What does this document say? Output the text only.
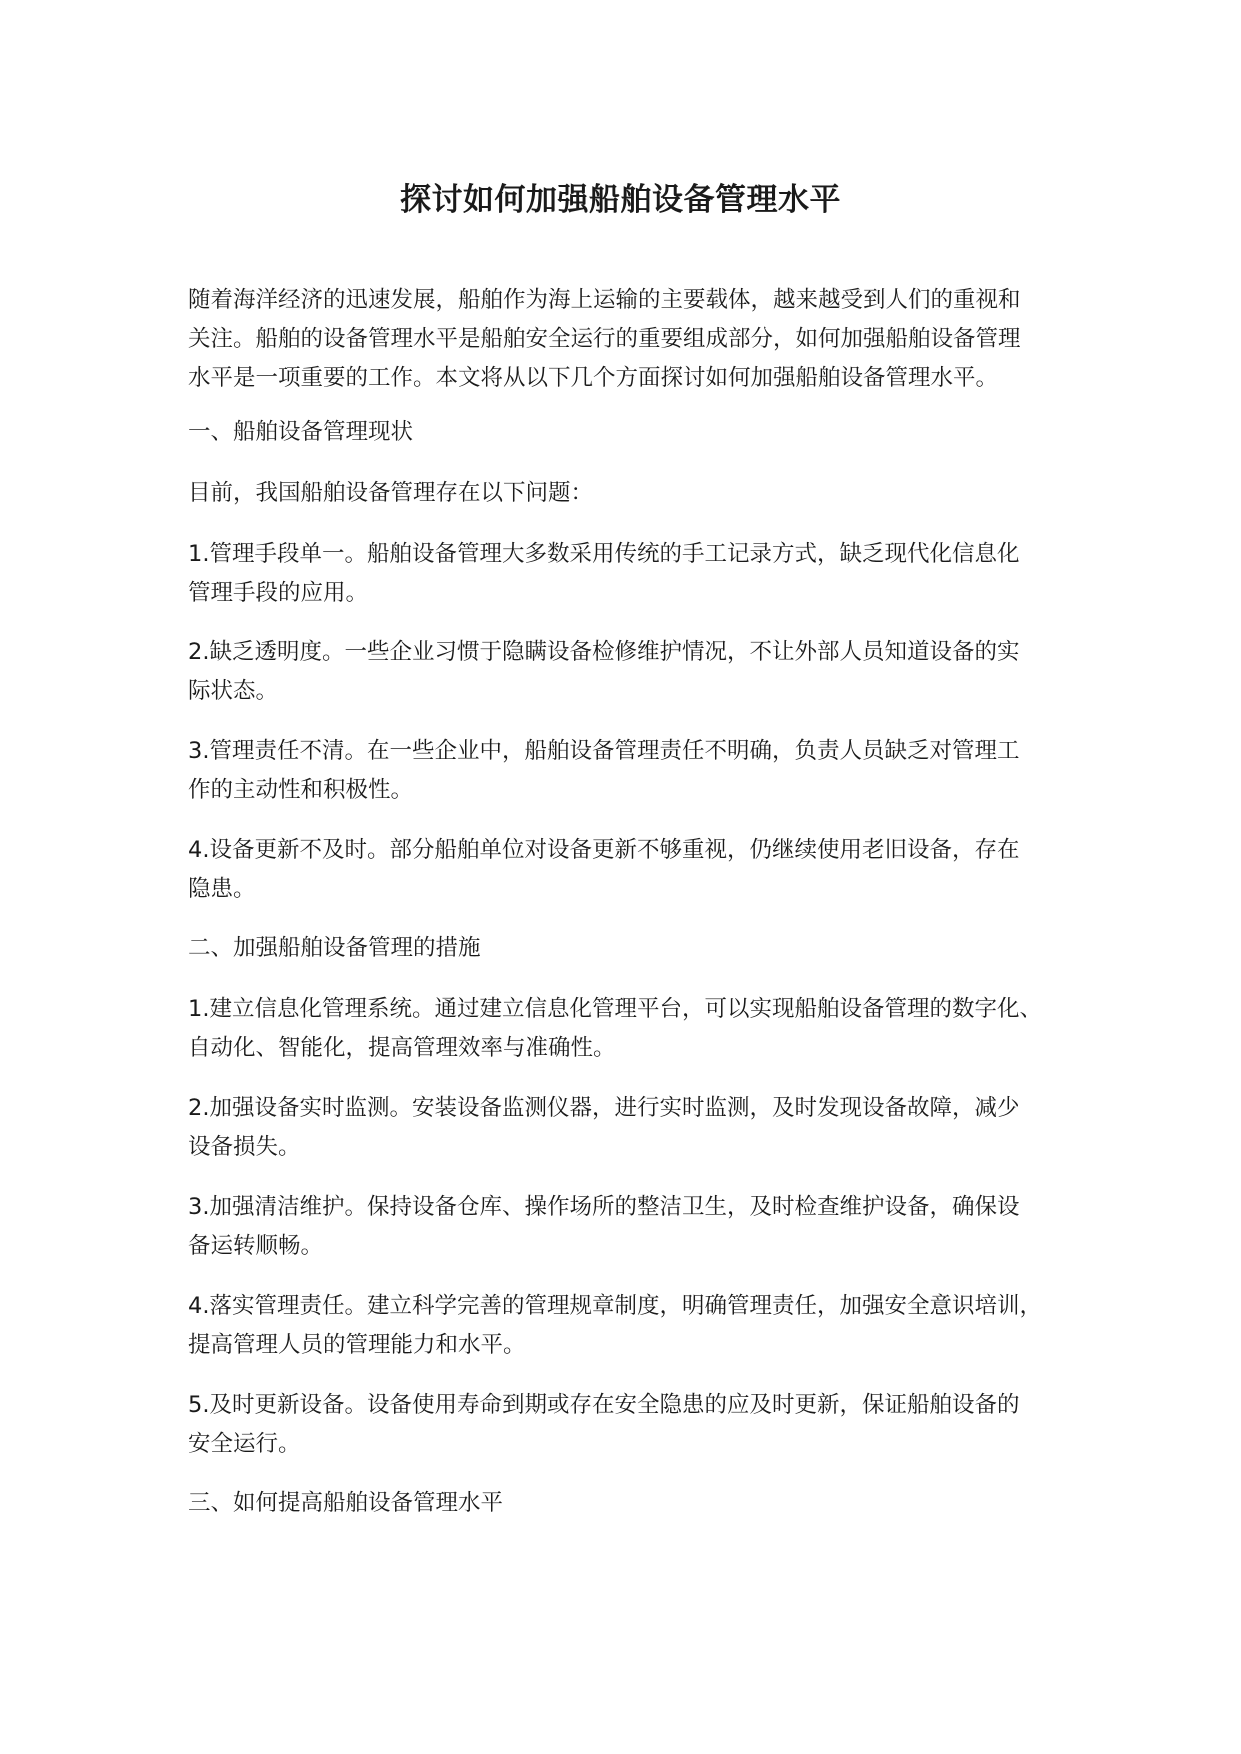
探讨如何加强船舶设备管理水平

随着海洋经济的迅速发展，船舶作为海上运输的主要载体，越来越受到人们的重视和
关注。船舶的设备管理水平是船舶安全运行的重要组成部分，如何加强船舶设备管理
水平是一项重要的工作。本文将从以下几个方面探讨如何加强船舶设备管理水平。

一、船舶设备管理现状

目前，我国船舶设备管理存在以下问题：

1.管理手段单一。船舶设备管理大多数采用传统的手工记录方式，缺乏现代化信息化
管理手段的应用。

2.缺乏透明度。一些企业习惯于隐瞒设备检修维护情况，不让外部人员知道设备的实
际状态。

3.管理责任不清。在一些企业中，船舶设备管理责任不明确，负责人员缺乏对管理工
作的主动性和积极性。

4.设备更新不及时。部分船舶单位对设备更新不够重视，仍继续使用老旧设备，存在
隐患。

二、加强船舶设备管理的措施

1.建立信息化管理系统。通过建立信息化管理平台，可以实现船舶设备管理的数字化、
自动化、智能化，提高管理效率与准确性。

2.加强设备实时监测。安装设备监测仪器，进行实时监测，及时发现设备故障，减少
设备损失。

3.加强清洁维护。保持设备仓库、操作场所的整洁卫生，及时检查维护设备，确保设
备运转顺畅。

4.落实管理责任。建立科学完善的管理规章制度，明确管理责任，加强安全意识培训，
提高管理人员的管理能力和水平。

5.及时更新设备。设备使用寿命到期或存在安全隐患的应及时更新，保证船舶设备的
安全运行。

三、如何提高船舶设备管理水平
